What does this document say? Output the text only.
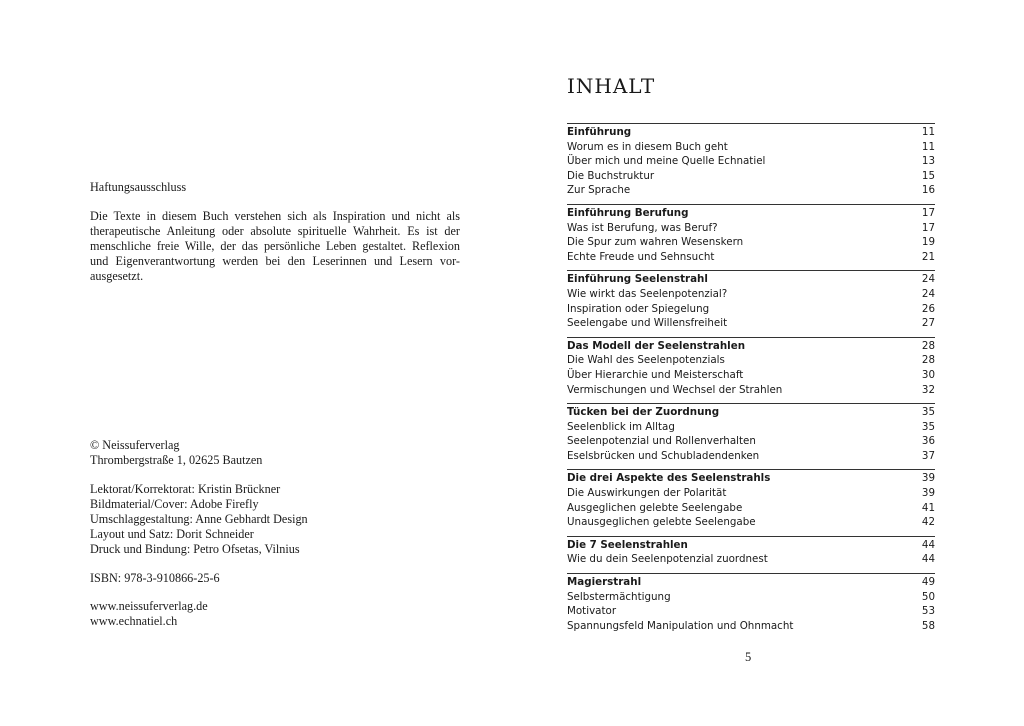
Haftungsausschluss

Die Texte in diesem Buch verstehen sich als Inspiration und nicht als
therapeutische Anleitung oder absolute spirituelle Wahrheit. Es ist der
menschliche freie Wille, der das persönliche Leben gestaltet. Reflexion
und Eigenverantwortung werden bei den Leserinnen und Lesern vor-
ausgesetzt.

© Neissuferverlag
Thrombergstraße 1, 02625 Bautzen
Lektorat/Korrektorat: Kristin Brückner
Bildmaterial/Cover: Adobe Firefly
Umschlaggestaltung: Anne Gebhardt Design
Layout und Satz: Dorit Schneider
Druck und Bindung: Petro Ofsetas, Vilnius
ISBN: 978-3-910866-25-6
www.neissuferverlag.de
www.echnatiel.ch
INHALT
Einführung	11
Worum es in diesem Buch geht	11
Über mich und meine Quelle Echnatiel	13
Die Buchstruktur	15
Zur Sprache	16
Einführung Berufung	17
Was ist Berufung, was Beruf?	17
Die Spur zum wahren Wesenskern	19
Echte Freude und Sehnsucht	21
Einführung Seelenstrahl	24
Wie wirkt das Seelenpotenzial?	24
Inspiration oder Spiegelung	26
Seelengabe und Willensfreiheit	27
Das Modell der Seelenstrahlen	28
Die Wahl des Seelenpotenzials	28
Über Hierarchie und Meisterschaft	30
Vermischungen und Wechsel der Strahlen	32
Tücken bei der Zuordnung	35
Seelenblick im Alltag	35
Seelenpotenzial und Rollenverhalten	36
Eselsbrücken und Schubladendenken	37
Die drei Aspekte des Seelenstrahls	39
Die Auswirkungen der Polarität	39
Ausgeglichen gelebte Seelengabe	41
Unausgeglichen gelebte Seelengabe	42
Die 7 Seelenstrahlen	44
Wie du dein Seelenpotenzial zuordnest	44
Magierstrahl	49
Selbstermächtigung	50
Motivator	53
Spannungsfeld Manipulation und Ohnmacht	58
5
